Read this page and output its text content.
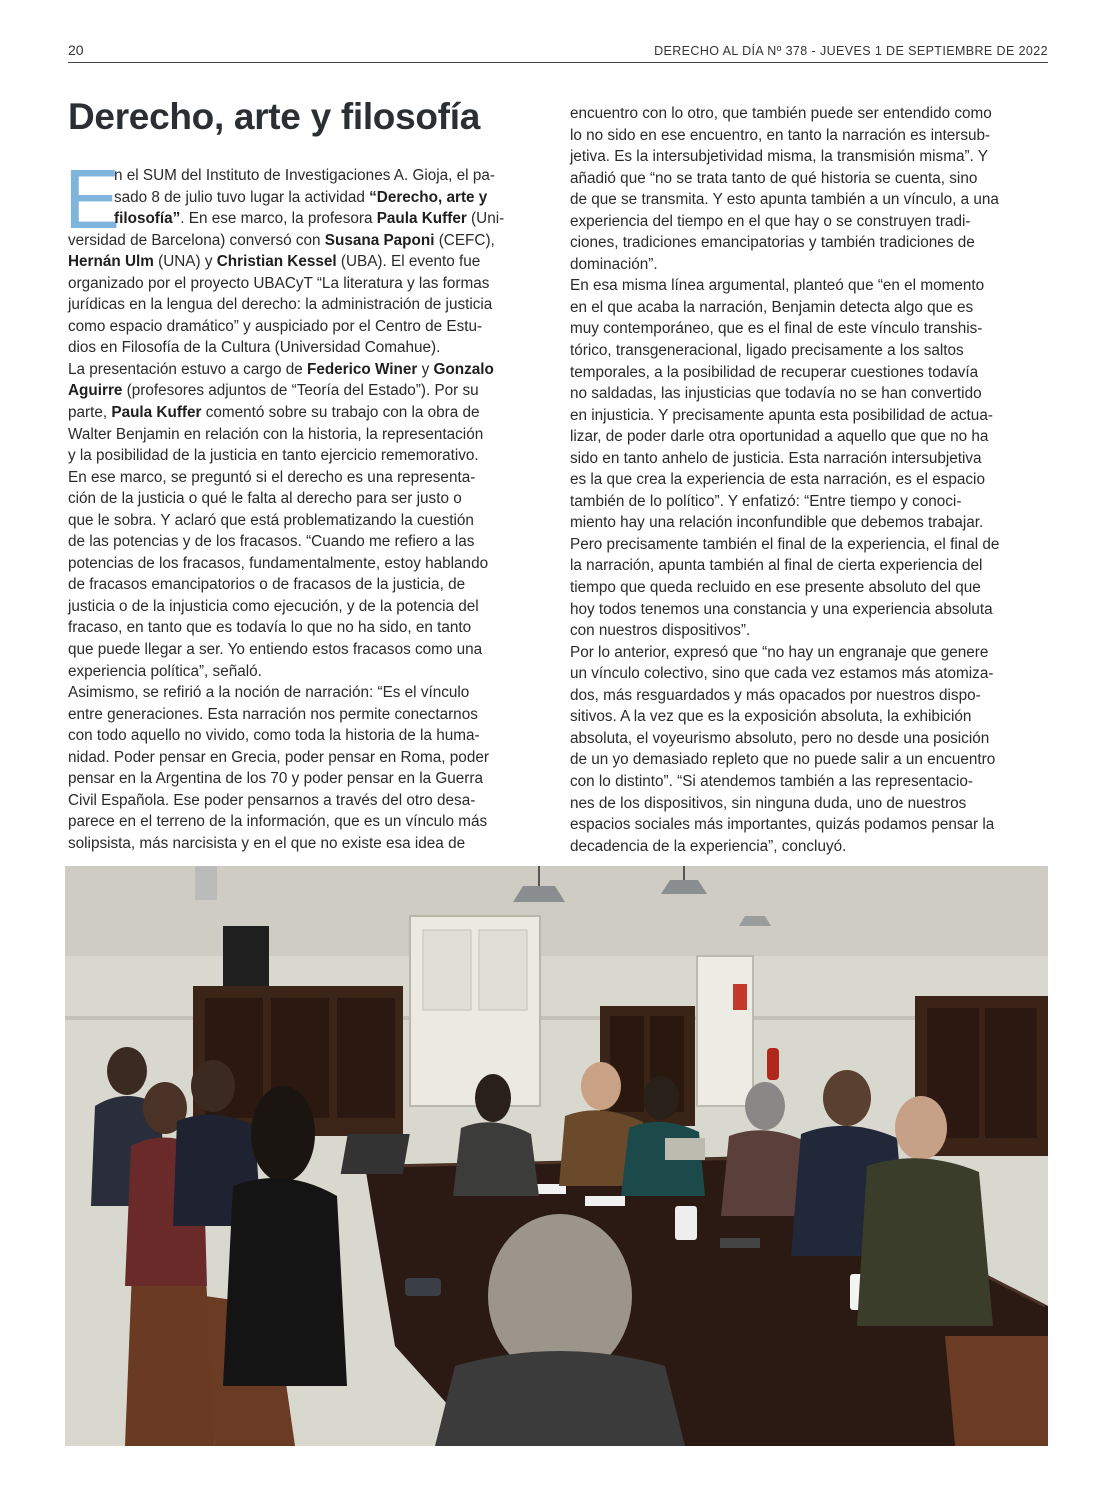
20	DERECHO AL DÍA Nº 378 - JUEVES 1 DE SEPTIEMBRE DE 2022
Derecho, arte y filosofía
E

n el SUM del Instituto de Investigaciones A. Gioja, el pa-

sado 8 de julio tuvo lugar la actividad “Derecho, arte y

filosofía”. En ese marco, la profesora Paula Kuffer (Uni-

versidad de Barcelona) conversó con Susana Paponi (CEFC),

Hernán Ulm (UNA) y Christian Kessel (UBA). El evento fue

organizado por el proyecto UBACyT “La literatura y las formas

jurídicas en la lengua del derecho: la administración de justicia

como espacio dramático” y auspiciado por el Centro de Estu-

dios en Filosofía de la Cultura (Universidad Comahue).

La presentación estuvo a cargo de Federico Winer y Gonzalo

Aguirre (profesores adjuntos de “Teoría del Estado”). Por su

parte, Paula Kuffer comentó sobre su trabajo con la obra de

Walter Benjamin en relación con la historia, la representación

y la posibilidad de la justicia en tanto ejercicio rememorativo.

En ese marco, se preguntó si el derecho es una representa-

ción de la justicia o qué le falta al derecho para ser justo o

que le sobra. Y aclaró que está problematizando la cuestión

de las potencias y de los fracasos. “Cuando me refiero a las

potencias de los fracasos, fundamentalmente, estoy hablando

de fracasos emancipatorios o de fracasos de la justicia, de

justicia o de la injusticia como ejecución, y de la potencia del

fracaso, en tanto que es todavía lo que no ha sido, en tanto

que puede llegar a ser. Yo entiendo estos fracasos como una

experiencia política”, señaló.

Asimismo, se refirió a la noción de narración: “Es el vínculo

entre generaciones. Esta narración nos permite conectarnos

con todo aquello no vivido, como toda la historia de la huma-

nidad. Poder pensar en Grecia, poder pensar en Roma, poder

pensar en la Argentina de los 70 y poder pensar en la Guerra

Civil Española. Ese poder pensarnos a través del otro desa-

parece en el terreno de la información, que es un vínculo más

solipsista, más narcisista y en el que no existe esa idea de

encuentro con lo otro, que también puede ser entendido como

lo no sido en ese encuentro, en tanto la narración es intersub-

jetiva. Es la intersubjetividad misma, la transmisión misma”. Y

añadió que “no se trata tanto de qué historia se cuenta, sino

de que se transmita. Y esto apunta también a un vínculo, a una

experiencia del tiempo en el que hay o se construyen tradi-

ciones, tradiciones emancipatorias y también tradiciones de

dominación”.

En esa misma línea argumental, planteó que “en el momento

en el que acaba la narración, Benjamin detecta algo que es

muy contemporáneo, que es el final de este vínculo transhis-

tórico, transgeneracional, ligado precisamente a los saltos

temporales, a la posibilidad de recuperar cuestiones todavía

no saldadas, las injusticias que todavía no se han convertido

en injusticia. Y precisamente apunta esta posibilidad de actua-

lizar, de poder darle otra oportunidad a aquello que que no ha

sido en tanto anhelo de justicia. Esta narración intersubjetiva

es la que crea la experiencia de esta narración, es el espacio

también de lo político”. Y enfatizó: “Entre tiempo y conoci-

miento hay una relación inconfundible que debemos trabajar.

Pero precisamente también el final de la experiencia, el final de

la narración, apunta también al final de cierta experiencia del

tiempo que queda recluido en ese presente absoluto del que

hoy todos tenemos una constancia y una experiencia absoluta

con nuestros dispositivos”.

Por lo anterior, expresó que “no hay un engranaje que genere

un vínculo colectivo, sino que cada vez estamos más atomiza-

dos, más resguardados y más opacados por nuestros dispo-

sitivos. A la vez que es la exposición absoluta, la exhibición

absoluta, el voyeurismo absoluto, pero no desde una posición

de un yo demasiado repleto que no puede salir a un encuentro

con lo distinto”. “Si atendemos también a las representacio-

nes de los dispositivos, sin ninguna duda, uno de nuestros

espacios sociales más importantes, quizás podamos pensar la

decadencia de la experiencia”, concluyó.
